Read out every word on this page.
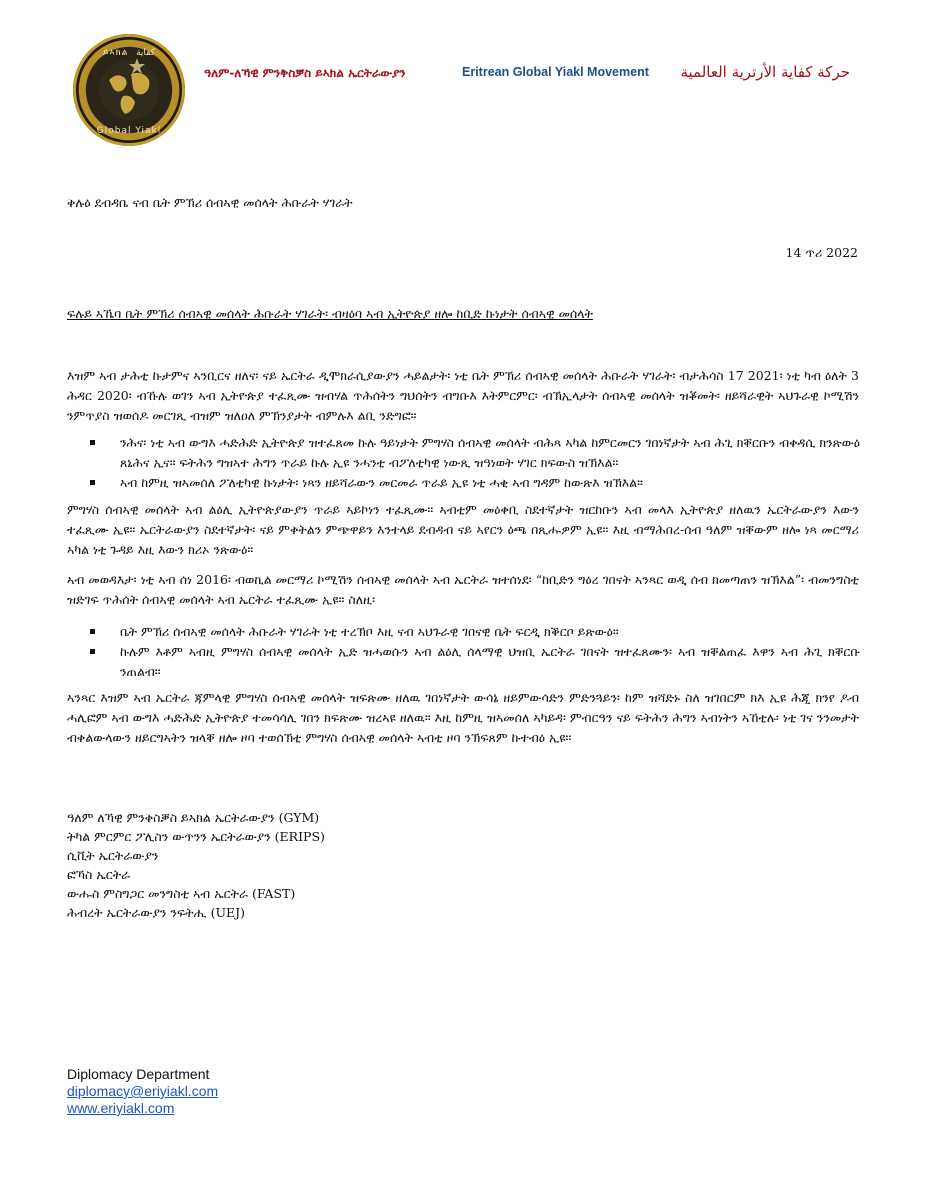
ይኣክል كفاية
Global Yiakl
ዓለም-ለኻዊ ምንቅስቓስ ይኣክል ኤርትራውያን	Eritrean Global Yiakl Movement	حركة كفاية الأرترية العالمية
ቅሉዕ ደብዳቤ ናብ ቤት ምኽሪ ሰብኣዊ መሰላት ሕቡራት ሃገራት
14 ጥሪ 2022
ፍሉይ ኣኼባ ቤት ምኽሪ ሰብኣዊ መሰላት ሕቡራት ሃገራት፡ ብዛዕባ ኣብ ኢትዮጵያ ዘሎ ከቢድ ኩነታት ሰብኣዊ መሰላት
እዝም ኣብ ታሕቲ ኩታምና ኣንቢርና ዘለና፡ ናይ ኤርትራ ዲሞክራሲያውያን ሓይልታት፡ ነቲ ቤት ምኽሪ ሰብኣዊ መሰላት ሕቡራት ሃገራት፡ ብታሕሳስ 17 2021፡ ነቲ ካብ ዕለት 3 ሕዳር 2020፡ ብኹሉ ወገን ኣብ ኢትዮጵያ ተፈጺሙ ዝብሃል ጥሕሰትን ግህሰትን ብግቡእ እትምርምር፡ ብኽኢላታት ሰብኣዊ መሰላት ዝቖመት፡ ዘይሻራዊት ኣህጉራዊ ኮሚሽን ንምጥያስ ዝወሰዶ መርገጺ ብዝም ዝለዐለ ምኽንያታት ብምሉእ ልቢ ንድግፎ።
ንሕና፡ ነቲ ኣብ ውግእ ሓድሕድ ኢትዮጵያ ዝተፈጸመ ኩሉ ዓይነታት ምግሃስ ሰብኣዊ መሰላት ብሕጻ ኣካል ከምርመርን ገበነኛታት ኣብ ሕጊ ክቐርቡን ብቀዳሲ ክንጽውዕ ጸኒሕና ኢና። ፍትሕን ግዝኣተ ሕግን ጥራይ ኩሉ ኢዩ ንሓንቲ ብፖለቲካዊ ነውጺ ዝዓነወት ሃገር ክፍውስ ዝኽእል።
ኣብ ከምዚ ዝኣመሰለ ፖለቲካዊ ኩነታት፡ ነጻን ዘይሻራውን መርመራ ጥራይ ኢዩ ነቲ ሓቂ ኣብ ግዳም ከውጽእ ዝኽእል።
ምግሃስ ሰብኣዊ መሰላት ኣብ ልዕሊ ኢትዮጵያውያን ጥራይ ኣይኮነን ተፈጺሙ። ኣብቲም መዕቀቢ ስደተኛታት ዝርከቡን ኣብ መላእ ኢትዮጵያ ዘለዉን ኤርትራውያን እውን ተፈጺሙ ኢዩ። ኤርትራውያን ስደተኛታት፡ ናይ ምቅትልን ምጭዋይን እንተላይ ደብዳብ ናይ ኣየርን ዕጫ በጺሑዎም ኢዩ። እዚ ብማሕበረ-ሰብ ዓለም ዝቐውም ዘሎ ነጻ መርማሪ ኣካል ነቲ ጉዳይ እዚ እውን ክሪኦ ንጽውዕ።
ኣብ መወዳእታ፡ ነቲ ኣብ ሰነ 2016፡ ብወኪል መርማሪ ኮሚሽን ሰብኣዊ መሰላት ኣብ ኤርትራ ዝተሰነደ፡ “ከቢድን ግዕረ ገበናት ኣንጻር ወዲ ሰብ ክመጣጠን ዝኽእል”፡ ብመንግስቲ ዝድገፍ ጥሕሰት ሰብኣዊ መሰላት ኣብ ኤርትራ ተፈጺሙ ኢዩ። ስለዚ፡
ቤት ምኽሪ ሰብኣዊ መሰላት ሕቡራት ሃገራት ነቲ ተረኽቦ እዚ ናብ ኣህጉራዊ ገበናዊ ቤት ፍርዲ ክቕርቦ ይጽውዕ።
ኩሉም እቶም ኣብዚ ምግሃስ ሰብኣዊ መሰላት ኢድ ዝሓወሱን ኣብ ልዕሊ ሰላማዊ ህዝቢ ኤርትራ ገበናት ዝተፈጸሙን፡ ኣብ ዝቐልጠፈ እዋን ኣብ ሕጊ ክቐርቡ ንጠልብ።
ኣንጻር እዝም ኣብ ኤርትራ ጃምላዊ ምግሃስ ሰብኣዊ መሰላት ዝፍጽሙ ዘለዉ ገበነኛታት ውሳኔ ዘይምውሳድን ምድንጓይን፡ ከም ዝሻድኑ ስለ ዝገበርም ክእ ኢዩ ሕጂ ክንየ ዶብ ሓሊፎም ኣብ ውግእ ሓድሕድ ኢትዮጵያ ተመሳሳሊ ገበን ክፍጽሙ ዝረኣዩ ዘለዉ። እዚ ከምዚ ዝኣመሰለ ኣካይዳ፡ ምብርዓን ናይ ፍትሕን ሕግን ኣብነትን ኣኸቲሉ፡ ነቲ ገና ንንመታት ብቅልውላውን ዘይርግኣትን ዝላቐ ዘሎ ዞባ ተወሰኽቲ ምግሃስ ሰብኣዊ መሰላት ኣብቲ ዞባ ንኽፍጸም ኩተብዕ ኢዩ።
ዓለም ለኻዊ ምንቅስቓስ ይኣክል ኤርትራውያን (GYM)
ትካል ምርምር ፖሊስን ውጥንን ኤርትራውያን (ERIPS)
ሲቪት ኤርትራውያን
ፎኻስ ኤርትራ
ውሑስ ምስግጋር መንግስቲ ኣብ ኤርትራ (FAST)
ሕብረት ኤርትራውያን ንፍትሒ (UEJ)
Diplomacy Department
diplomacy@eriyiakl.com
www.eriyiakl.com
